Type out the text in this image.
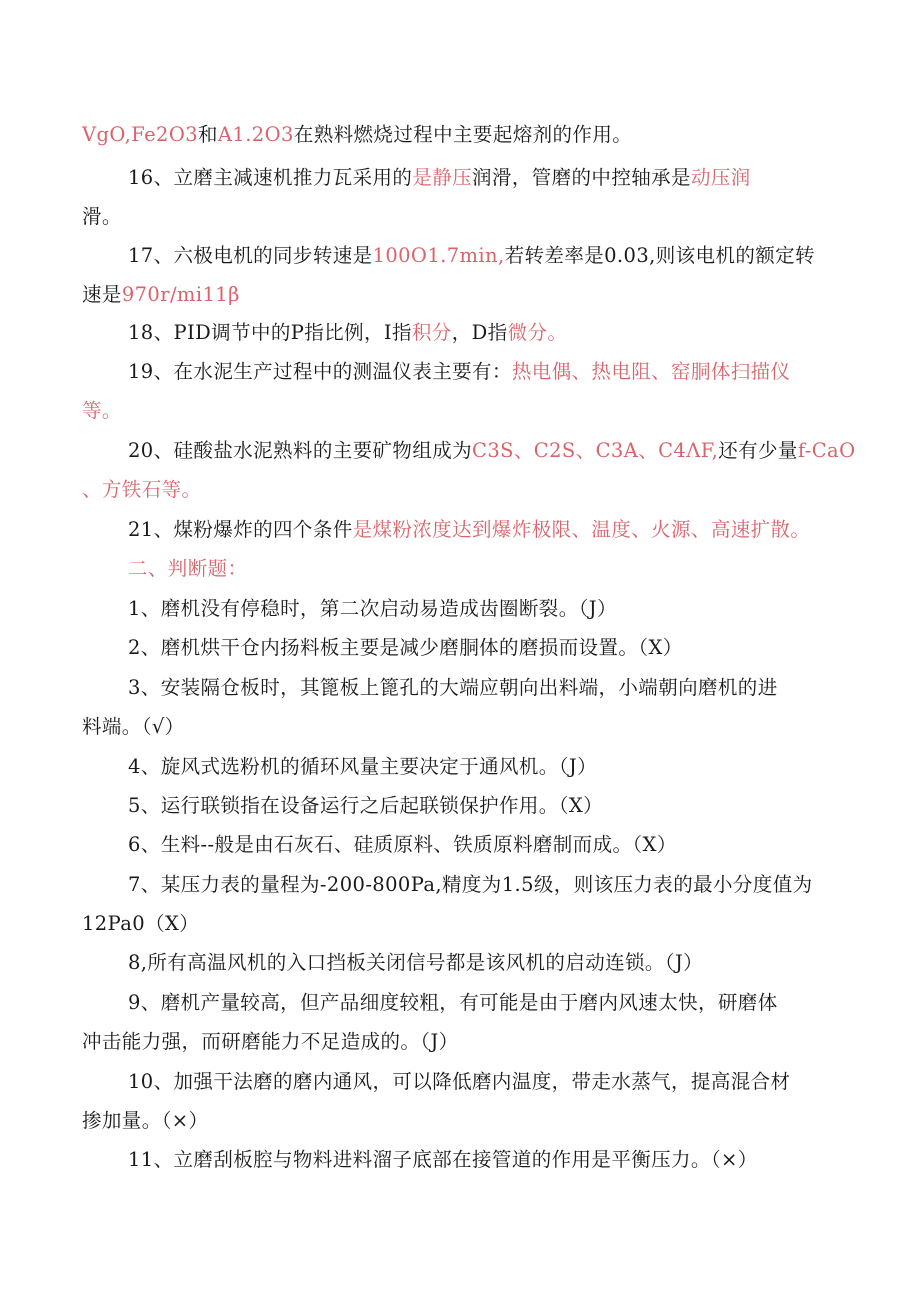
VgO,Fe2O3和A1.2O3在熟料燃烧过程中主要起熔剂的作用。

16、立磨主减速机推力瓦采用的是静压润滑，管磨的中控轴承是动压润

滑。

17、六极电机的同步转速是100O1.7min,若转差率是0.03,则该电机的额定转

速是970r∕mi11β

18、PID调节中的P指比例，I指积分，D指微分。

19、在水泥生产过程中的测温仪表主要有：热电偶、热电阻、窑胴体扫描仪

等。

20、硅酸盐水泥熟料的主要矿物组成为C3S、C2S、C3A、C4ΛF,还有少量f-CaO

、方铁石等。

21、煤粉爆炸的四个条件是煤粉浓度达到爆炸极限、温度、火源、高速扩散。

二、判断题：

1、磨机没有停稳时，第二次启动易造成齿圈断裂。（J）

2、磨机烘干仓内扬料板主要是减少磨胴体的磨损而设置。（X）

3、安装隔仓板时，其篦板上篦孔的大端应朝向出料端，小端朝向磨机的进

料端。（√）

4、旋风式选粉机的循环风量主要决定于通风机。（J）

5、运行联锁指在设备运行之后起联锁保护作用。（X）

6、生料--般是由石灰石、硅质原料、铁质原料磨制而成。（X）

7、某压力表的量程为-200-800Pa,精度为1.5级，则该压力表的最小分度值为

12Pa0（X）

8,所有高温风机的入口挡板关闭信号都是该风机的启动连锁。（J）

9、磨机产量较高，但产品细度较粗，有可能是由于磨内风速太快，研磨体

冲击能力强，而研磨能力不足造成的。（J）

10、加强干法磨的磨内通风，可以降低磨内温度，带走水蒸气，提高混合材

掺加量。（×）

11、立磨刮板腔与物料进料溜子底部在接管道的作用是平衡压力。（×）
